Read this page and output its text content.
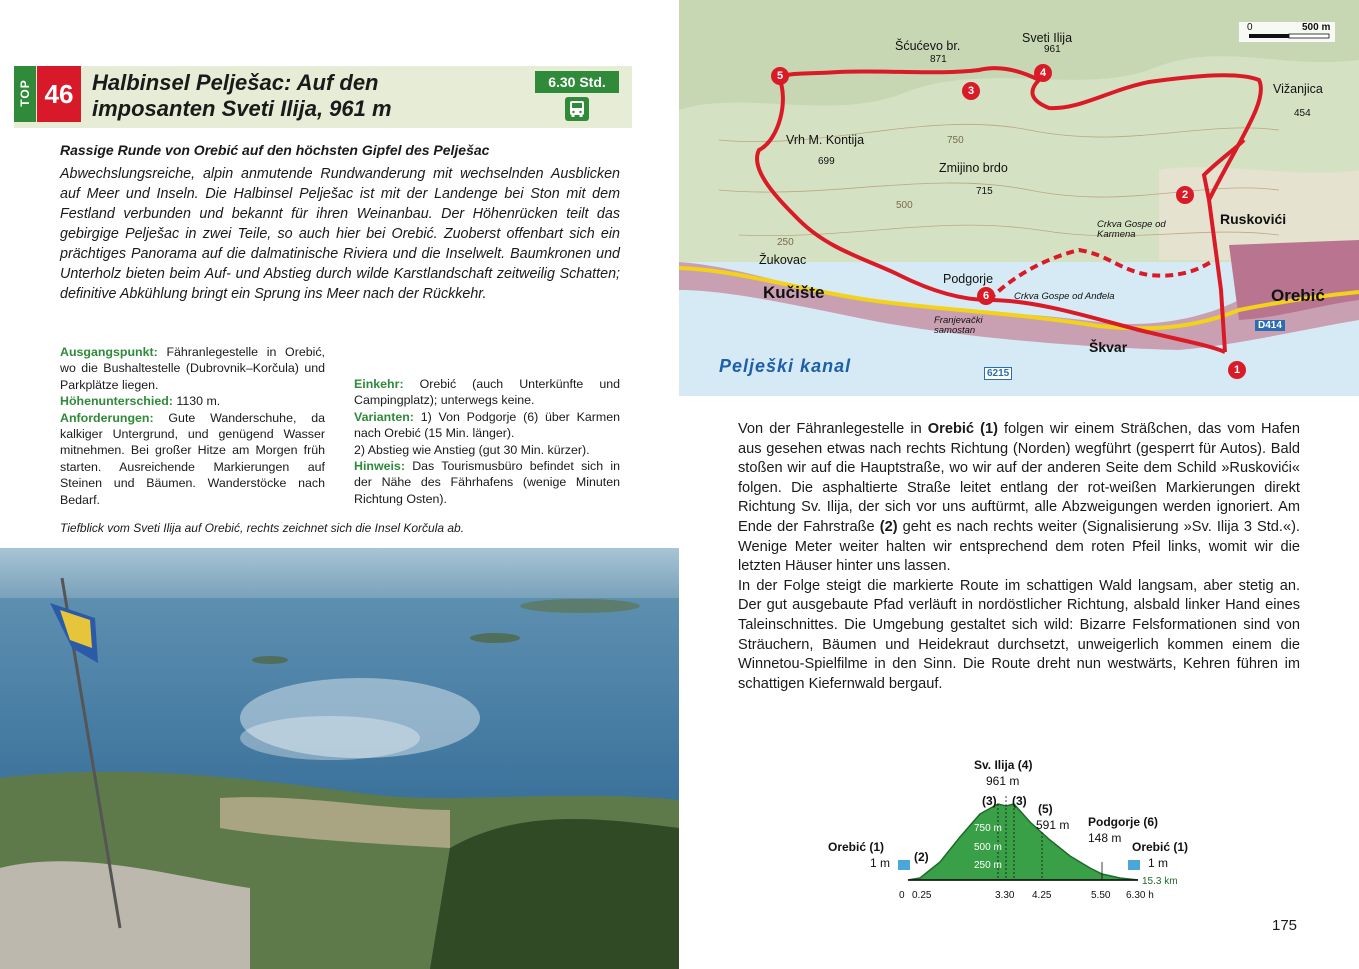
TOP 46 Halbinsel Pelješac: Auf den
imposanten Sveti Ilija, 961 m
6.30 Std.

Rassige Runde von Orebić auf den höchsten Gipfel des Pelješac

Abwechslungsreiche, alpin anmutende Rundwanderung mit wechselnden Ausblicken auf Meer und Inseln. Die Halbinsel Pelješac ist mit der Landenge bei Ston mit dem Festland verbunden und bekannt für ihren Weinanbau. Der Höhenrücken teilt das gebirgige Pelješac in zwei Teile, so auch hier bei Orebić. Zuoberst offenbart sich ein prächtiges Panorama auf die dalmatinische Riviera und die Inselwelt. Baumkronen und Unterholz bieten beim Auf- und Abstieg durch wilde Karstlandschaft zeitweilig Schatten; definitive Abkühlung bringt ein Sprung ins Meer nach der Rückkehr.

Ausgangspunkt: Fähranlegestelle in Orebić, wo die Bushaltestelle (Dubrovnik–Korčula) und Parkplätze liegen.

Höhenunterschied: 1130 m.

Anforderungen: Gute Wanderschuhe, da kalkiger Untergrund, und genügend Wasser mitnehmen. Bei großer Hitze am Morgen früh starten. Ausreichende Markierungen auf Steinen und Bäumen. Wanderstöcke nach Bedarf.

Einkehr: Orebić (auch Unterkünfte und Campingplatz); unterwegs keine.

Varianten: 1) Von Podgorje (6) über Karmen nach Orebić (15 Min. länger).

2) Abstieg wie Anstieg (gut 30 Min. kürzer).

Hinweis: Das Tourismusbüro befindet sich in der Nähe des Fährhafens (wenige Minuten Richtung Osten).

Tiefblick vom Sveti Ilija auf Orebić, rechts zeichnet sich die Insel Korčula ab.

0	500 m
Šćućevo br.
871
Sveti Ilija
961
Vižanjica
454
Vrh M. Kontija
699	Zmijino brdo
715
Ruskovići
Crkva Gospe od Karmena
Žukovac
Kučište
Podgorje
Crkva Gospe od Anđela
Franjevački samostan
Orebić
Škvar
6215
D414
Pelješki kanal
750
500
250
1
2
3
4
5
6

Von der Fähranlegestelle in Orebić (1) folgen wir einem Sträßchen, das vom Hafen aus gesehen etwas nach rechts Richtung (Norden) wegführt (gesperrt für Autos). Bald stoßen wir auf die Hauptstraße, wo wir auf der anderen Seite dem Schild »Ruskovići« folgen. Die asphaltierte Straße leitet entlang der rot-weißen Markierungen direkt Richtung Sv. Ilija, der sich vor uns auftürmt, alle Abzweigungen werden ignoriert. Am Ende der Fahrstraße (2) geht es nach rechts weiter (Signalisierung »Sv. Ilija 3 Std.«). Wenige Meter weiter halten wir entsprechend dem roten Pfeil links, womit wir die letzten Häuser hinter uns lassen.

In der Folge steigt die markierte Route im schattigen Wald langsam, aber stetig an. Der gut ausgebaute Pfad verläuft in nordöstlicher Richtung, alsbald linker Hand eines Taleinschnittes. Die Umgebung gestaltet sich wild: Bizarre Felsformationen sind von Sträuchern, Bäumen und Heidekraut durchsetzt, unweigerlich kommen einem die Winnetou-Spielfilme in den Sinn. Die Route dreht nun westwärts, Kehren führen im schattigen Kiefernwald bergauf.

Sv. Ilija (4)
961 m
(3) (3)
(5)
591 m Podgorje (6)
148 m
Orebić (1)
1 m (2)
Orebić (1)
1 m
750 m
500 m
250 m
15.3 km
0 0.25	3.30 4.25	5.50 6.30 h

175
